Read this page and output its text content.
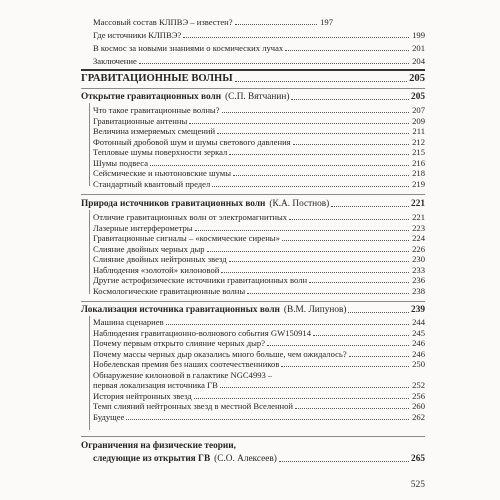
Массовый состав КЛПВЭ – известен?	197
Где источники КЛПВЭ?	199
В космос за новыми знаниями о космических лучах	201
Заключение	204
ГРАВИТАЦИОННЫЕ ВОЛНЫ	205
Открытие гравитационных волн (С.П. Вятчанин)	205
Природа источников гравитационных волн (К.А. Постнов)	221
Локализация источника гравитационных волн (В.М. Липунов)	239
Ограничения на физические теории,
следующие из открытия ГВ (С.О. Алексеев)	265
525
Что такое гравитационные волны?	207
Гравитационные антенны	209
Величина измеряемых смещений	211
Фотонный дробовой шум и шумы светового давления	212
Тепловые шумы поверхности зеркал	215
Шумы подвеса	216
Сейсмические и ньютоновские шумы	218
Стандартный квантовый предел	219
Отличие гравитационных волн от электромагнитных	221
Лазерные интерферометры	223
Гравитационные сигналы – «космические сирены»	224
Слияние двойных черных дыр	226
Слияние двойных нейтронных звезд	230
Наблюдения «золотой» килоновой	233
Другие астрофизические источники гравитационных волн	236
Космологические гравитационные волны	238
Машина сценариев	244
Наблюдения гравитационно-волнового события GW150914	245
Почему первым открыто слияние черных дыр?	246
Почему массы черных дыр оказались много больше, чем ожидалось?	246
Нобелевская премия без наших соотечественников	250
Обнаружение килоновой в галактике NGC4993 –
первая локализация источника ГВ	252
История нейтронных звезд	256
Темп слияний нейтронных звезд в местной Вселенной	260
Будущее	262
